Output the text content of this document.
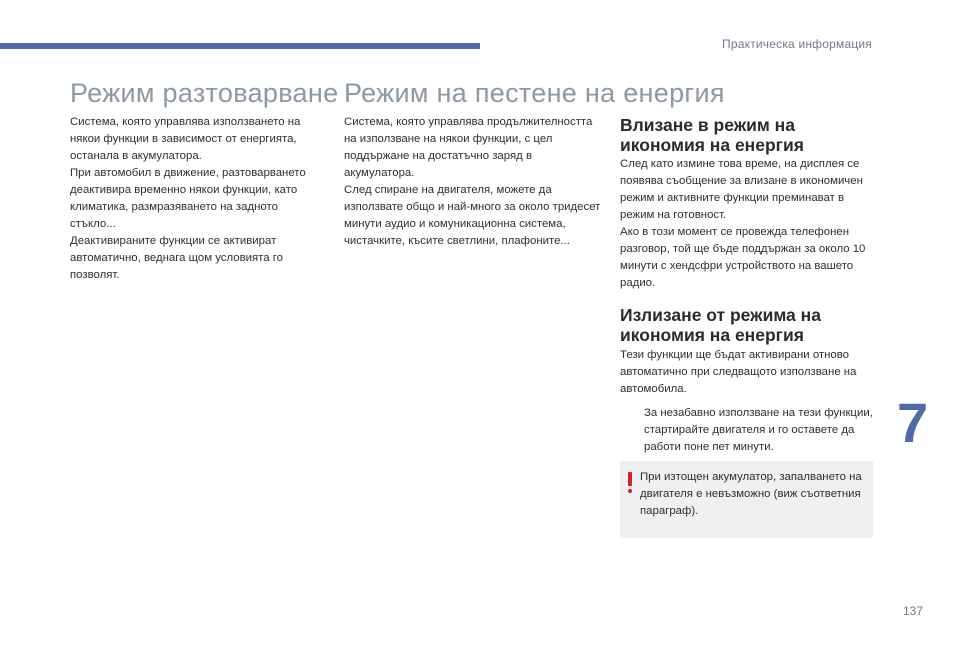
Практическа информация
Режим разтоварване

Система, която управлява използването на някои функции в зависимост от енергията, останала в акумулатора.

При автомобил в движение, разтоварването деактивира временно някои функции, като климатика, размразяването на задното стъкло...

Деактивираните функции се активират автоматично, веднага щом условията го позволят.

Режим на пестене на енергия

Система, която управлява продължителността на използване на някои функции, с цел поддържане на достатъчно заряд в акумулатора.

След спиране на двигателя, можете да използвате общо и най-много за около тридесет минути аудио и комуникационна система, чистачките, късите светлини, плафоните...

Влизане в режим на икономия на енергия

След като измине това време, на дисплея се появява съобщение за влизане в икономичен режим и активните функции преминават в режим на готовност.

Ако в този момент се провежда телефонен разговор, той ще бъде поддържан за около 10 минути с хендсфри устройството на вашето радио.

Излизане от режима на икономия на енергия

Тези функции ще бъдат активирани отново автоматично при следващото използване на автомобила.

За незабавно използване на тези функции, стартирайте двигателя и го оставете да работи поне пет минути.
При изтощен акумулатор, запалването на двигателя е невъзможно (виж съответния параграф).
7
137
